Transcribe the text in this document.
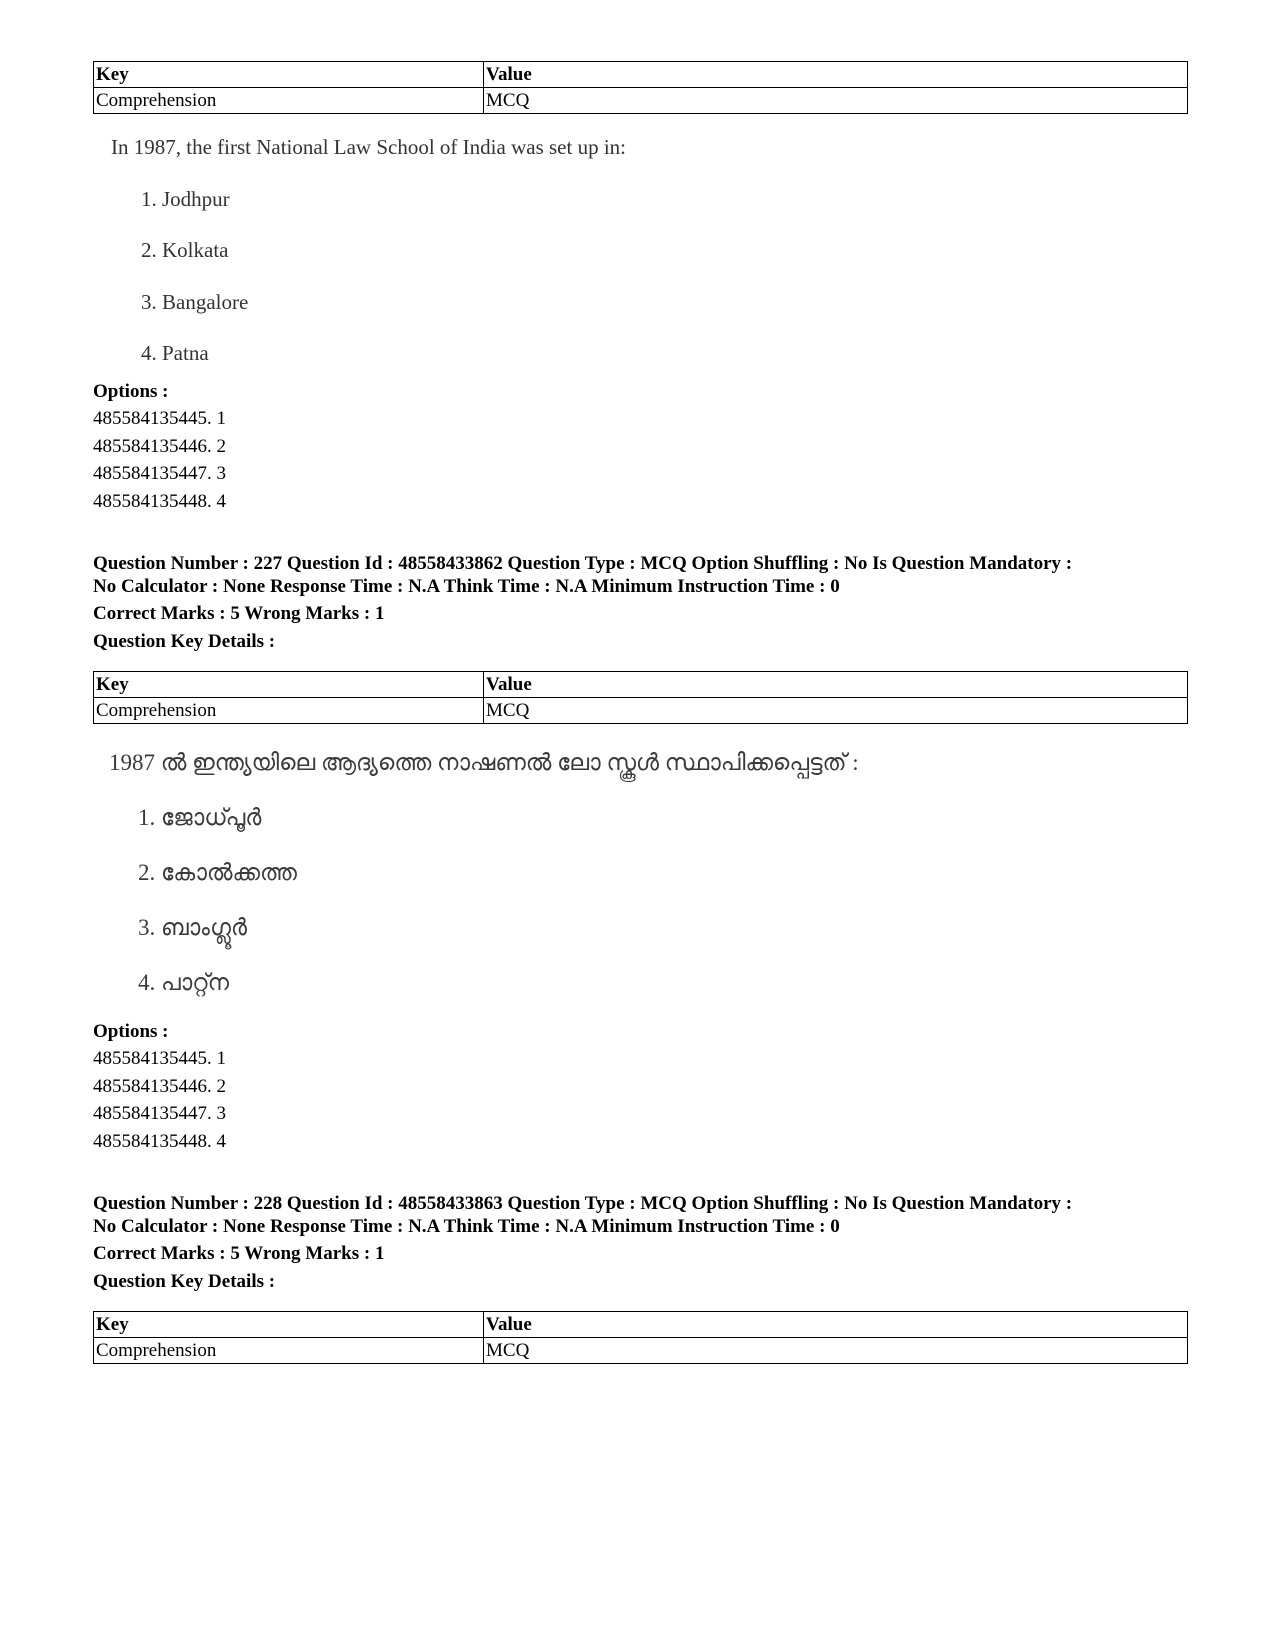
Key	Value
Comprehension	MCQ
In 1987, the first National Law School of India was set up in:
1. Jodhpur
2. Kolkata
3. Bangalore
4. Patna
Options :
485584135445. 1
485584135446. 2
485584135447. 3
485584135448. 4
Question Number : 227 Question Id : 48558433862 Question Type : MCQ Option Shuffling : No Is Question Mandatory :
No Calculator : None Response Time : N.A Think Time : N.A Minimum Instruction Time : 0
Correct Marks : 5 Wrong Marks : 1
Question Key Details :
Key	Value
Comprehension	MCQ
1987 ൽ ഇന്ത്യയിലെ ആദ്യത്തെ നാഷണൽ ലോ സ്കൂൾ സ്ഥാപിക്കപ്പെട്ടത് :
1. ജോധ്പൂർ
2. കോൽക്കത്ത
3. ബാംഗ്ലൂർ
4. പാറ്റ്ന
Options :
485584135445. 1
485584135446. 2
485584135447. 3
485584135448. 4
Question Number : 228 Question Id : 48558433863 Question Type : MCQ Option Shuffling : No Is Question Mandatory :
No Calculator : None Response Time : N.A Think Time : N.A Minimum Instruction Time : 0
Correct Marks : 5 Wrong Marks : 1
Question Key Details :
Key	Value
Comprehension	MCQ
